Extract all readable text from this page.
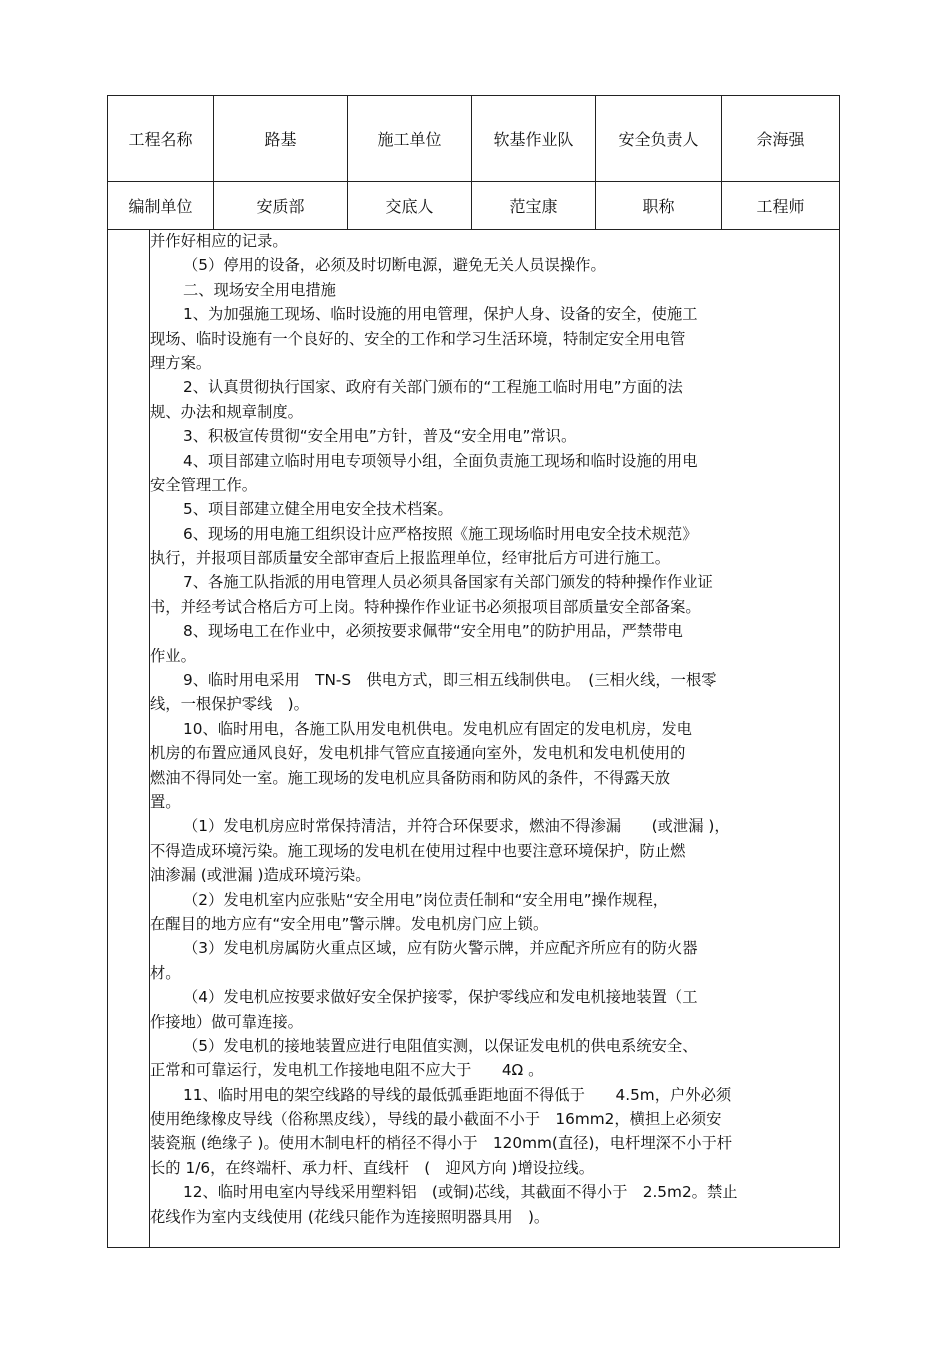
工程名称	路基	施工单位	软基作业队	安全负责人	佘海强
编制单位	安质部	交底人	范宝康	职称	工程师
并作好相应的记录。
（5）停用的设备，必须及时切断电源，避免无关人员误操作。
二、现场安全用电措施
1、为加强施工现场、临时设施的用电管理，保护人身、设备的安全，使施工
现场、临时设施有一个良好的、安全的工作和学习生活环境，特制定安全用电管
理方案。
2、认真贯彻执行国家、政府有关部门颁布的“工程施工临时用电”方面的法
规、办法和规章制度。
3、积极宣传贯彻“安全用电”方针，普及“安全用电”常识。
4、项目部建立临时用电专项领导小组，全面负责施工现场和临时设施的用电
安全管理工作。
5、项目部建立健全用电安全技术档案。
6、现场的用电施工组织设计应严格按照《施工现场临时用电安全技术规范》
执行，并报项目部质量安全部审查后上报监理单位，经审批后方可进行施工。
7、各施工队指派的用电管理人员必须具备国家有关部门颁发的特种操作作业证
书，并经考试合格后方可上岗。特种操作作业证书必须报项目部质量安全部备案。
8、现场电工在作业中，必须按要求佩带“安全用电”的防护用品，严禁带电
作业。
9、临时用电采用　TN-S　供电方式，即三相五线制供电。　(三相火线，一根零
线，一根保护零线　)。
10、临时用电，各施工队用发电机供电。发电机应有固定的发电机房，发电
机房的布置应通风良好，发电机排气管应直接通向室外，发电机和发电机使用的
燃油不得同处一室。施工现场的发电机应具备防雨和防风的条件，不得露天放
置。
（1）发电机房应时常保持清洁，并符合环保要求，燃油不得渗漏　　(或泄漏 )，
不得造成环境污染。施工现场的发电机在使用过程中也要注意环境保护，防止燃
油渗漏 (或泄漏 )造成环境污染。
（2）发电机室内应张贴“安全用电”岗位责任制和“安全用电”操作规程，
在醒目的地方应有“安全用电”警示牌。发电机房门应上锁。
（3）发电机房属防火重点区域，应有防火警示牌，并应配齐所应有的防火器
材。
（4）发电机应按要求做好安全保护接零，保护零线应和发电机接地装置（工
作接地）做可靠连接。
（5）发电机的接地装置应进行电阻值实测，以保证发电机的供电系统安全、
正常和可靠运行，发电机工作接地电阻不应大于　　4Ω 。
11、临时用电的架空线路的导线的最低弧垂距地面不得低于　　4.5m，户外必须
使用绝缘橡皮导线（俗称黑皮线），导线的最小截面不小于　16mm2，横担上必须安
装瓷瓶 (绝缘子 )。使用木制电杆的梢径不得小于　120mm(直径)，电杆埋深不小于杆
长的 1/6，在终端杆、承力杆、直线杆　(　迎风方向 )增设拉线。
12、临时用电室内导线采用塑料铝　(或铜)芯线，其截面不得小于　2.5m2。禁止
花线作为室内支线使用 (花线只能作为连接照明器具用　)。
